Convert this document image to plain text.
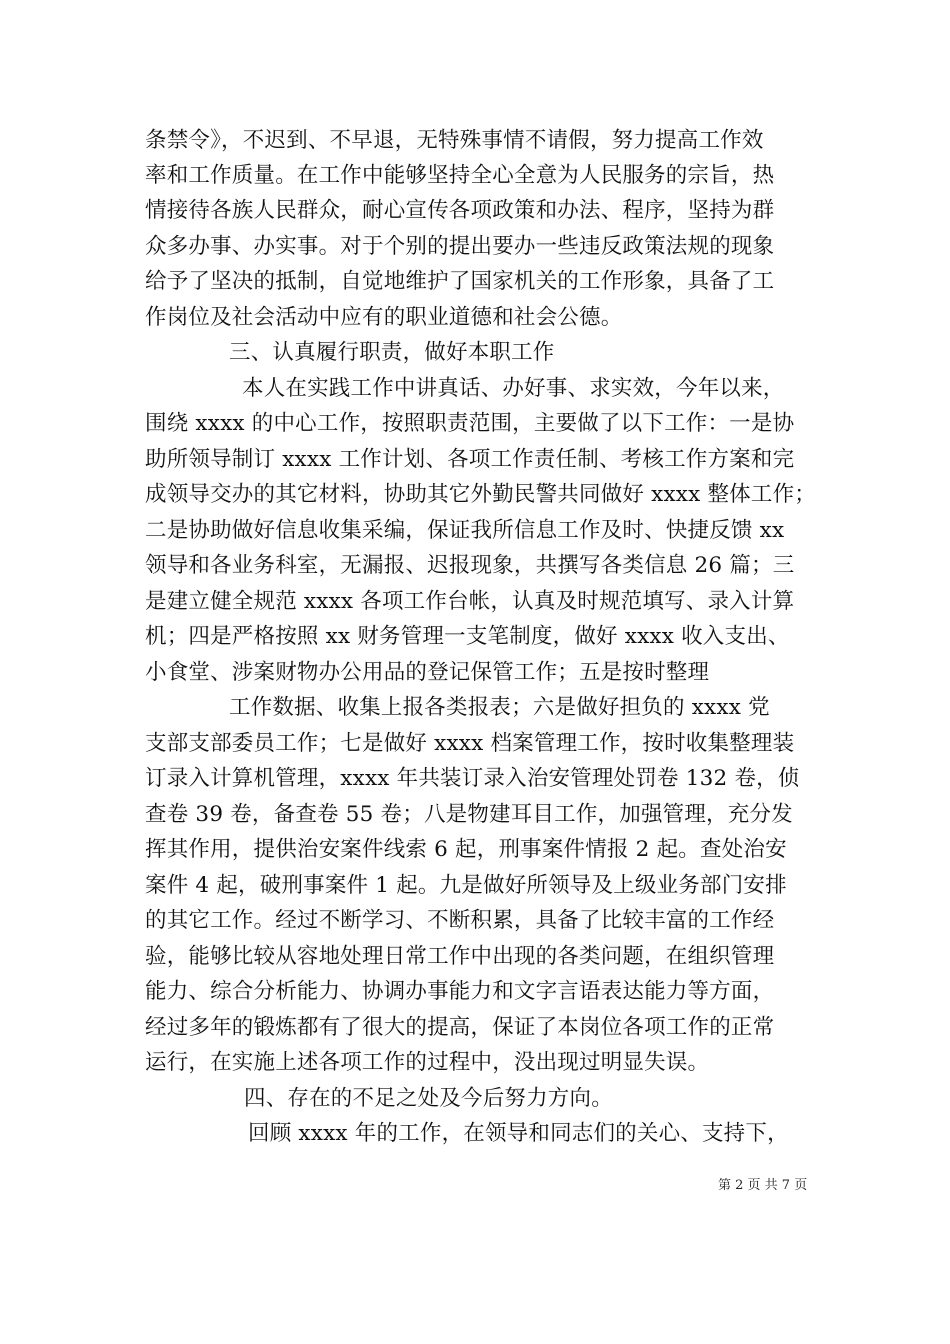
条禁令》，不迟到、不早退，无特殊事情不请假，努力提高工作效
率和工作质量。在工作中能够坚持全心全意为人民服务的宗旨，热
情接待各族人民群众，耐心宣传各项政策和办法、程序，坚持为群
众多办事、办实事。对于个别的提出要办一些违反政策法规的现象
给予了坚决的抵制，自觉地维护了国家机关的工作形象，具备了工
作岗位及社会活动中应有的职业道德和社会公德。
三、认真履行职责，做好本职工作
本人在实践工作中讲真话、办好事、求实效，今年以来，
围绕 xxxx 的中心工作，按照职责范围，主要做了以下工作：一是协
助所领导制订 xxxx 工作计划、各项工作责任制、考核工作方案和完
成领导交办的其它材料，协助其它外勤民警共同做好 xxxx 整体工作；
二是协助做好信息收集采编，保证我所信息工作及时、快捷反馈 xx
领导和各业务科室，无漏报、迟报现象，共撰写各类信息 26 篇；三
是建立健全规范 xxxx 各项工作台帐，认真及时规范填写、录入计算
机；四是严格按照 xx 财务管理一支笔制度，做好 xxxx 收入支出、
小食堂、涉案财物办公用品的登记保管工作；五是按时整理
工作数据、收集上报各类报表；六是做好担负的 xxxx 党
支部支部委员工作；七是做好 xxxx 档案管理工作，按时收集整理装
订录入计算机管理，xxxx 年共装订录入治安管理处罚卷 132 卷，侦
查卷 39 卷，备查卷 55 卷；八是物建耳目工作，加强管理，充分发
挥其作用，提供治安案件线索 6 起，刑事案件情报 2 起。查处治安
案件 4 起，破刑事案件 1 起。九是做好所领导及上级业务部门安排
的其它工作。经过不断学习、不断积累，具备了比较丰富的工作经
验，能够比较从容地处理日常工作中出现的各类问题，在组织管理
能力、综合分析能力、协调办事能力和文字言语表达能力等方面，
经过多年的锻炼都有了很大的提高，保证了本岗位各项工作的正常
运行，在实施上述各项工作的过程中，没出现过明显失误。
四、存在的不足之处及今后努力方向。
回顾 xxxx 年的工作，在领导和同志们的关心、支持下，
第 2 页 共 7 页
